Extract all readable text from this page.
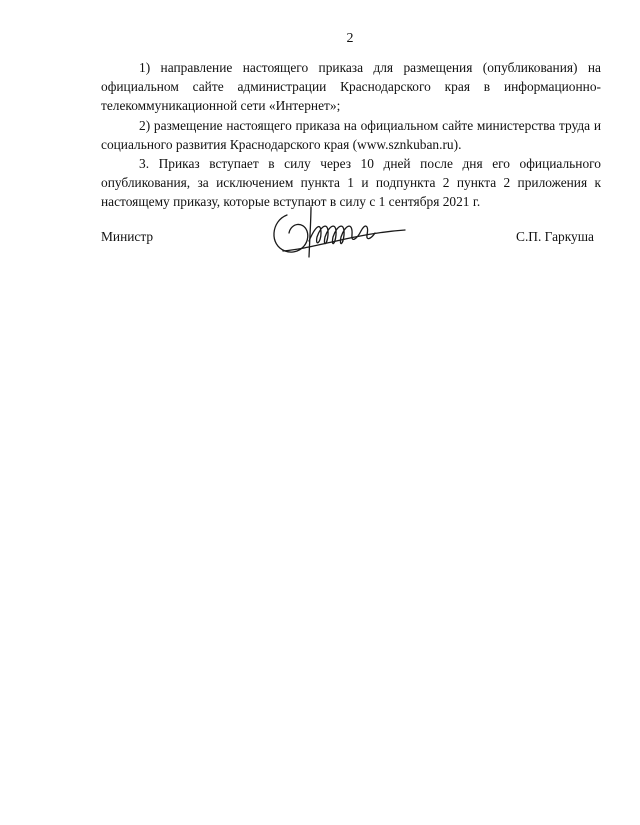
2

1) направление настоящего приказа для размещения (опубликования) на официальном сайте администрации Краснодарского края в информационно-телекоммуникационной сети «Интернет»;

2) размещение настоящего приказа на официальном сайте министерства труда и социального развития Краснодарского края (www.sznkuban.ru).

3. Приказ вступает в силу через 10 дней после дня его официального опубликования, за исключением пункта 1 и подпункта 2 пункта 2 приложения к настоящему приказу, которые вступают в силу с 1 сентября 2021 г.

Министр	С.П. Гаркуша
